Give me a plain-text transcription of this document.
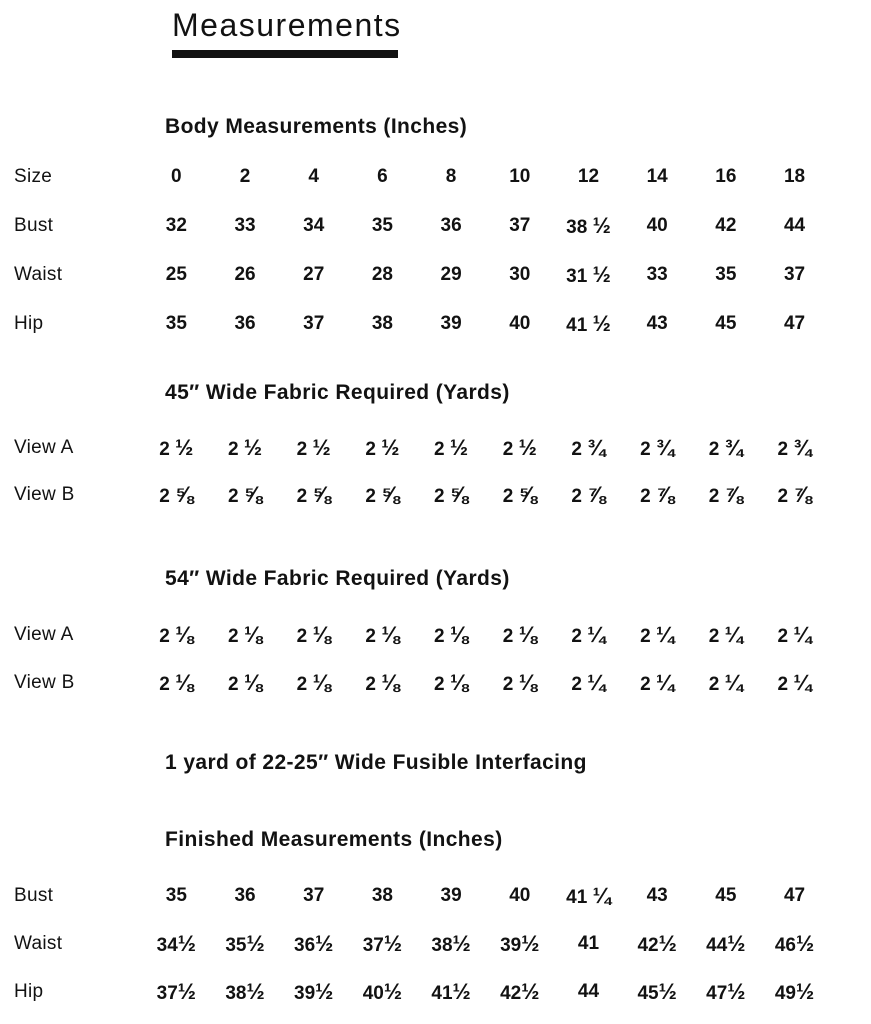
Measurements
Body Measurements (Inches)
Size	0	2	4	6	8	10	12	14	16	18
Bust	32	33	34	35	36	37	38 ½	40	42	44
Waist	25	26	27	28	29	30	31 ½	33	35	37
Hip	35	36	37	38	39	40	41 ½	43	45	47
45″ Wide Fabric Required (Yards)
View A	2 ½	2 ½	2 ½	2 ½	2 ½	2 ½	2 ¾	2 ¾	2 ¾	2 ¾
View B	2 ⅝	2 ⅝	2 ⅝	2 ⅝	2 ⅝	2 ⅝	2 ⅞	2 ⅞	2 ⅞	2 ⅞
54″ Wide Fabric Required (Yards)
View A	2 ⅛	2 ⅛	2 ⅛	2 ⅛	2 ⅛	2 ⅛	2 ¼	2 ¼	2 ¼	2 ¼
View B	2 ⅛	2 ⅛	2 ⅛	2 ⅛	2 ⅛	2 ⅛	2 ¼	2 ¼	2 ¼	2 ¼
1 yard of 22-25″ Wide Fusible Interfacing
Finished Measurements (Inches)
Bust	35	36	37	38	39	40	41 ¼	43	45	47
Waist	34½	35½	36½	37½	38½	39½	41	42½	44½	46½
Hip	37½	38½	39½	40½	41½	42½	44	45½	47½	49½
